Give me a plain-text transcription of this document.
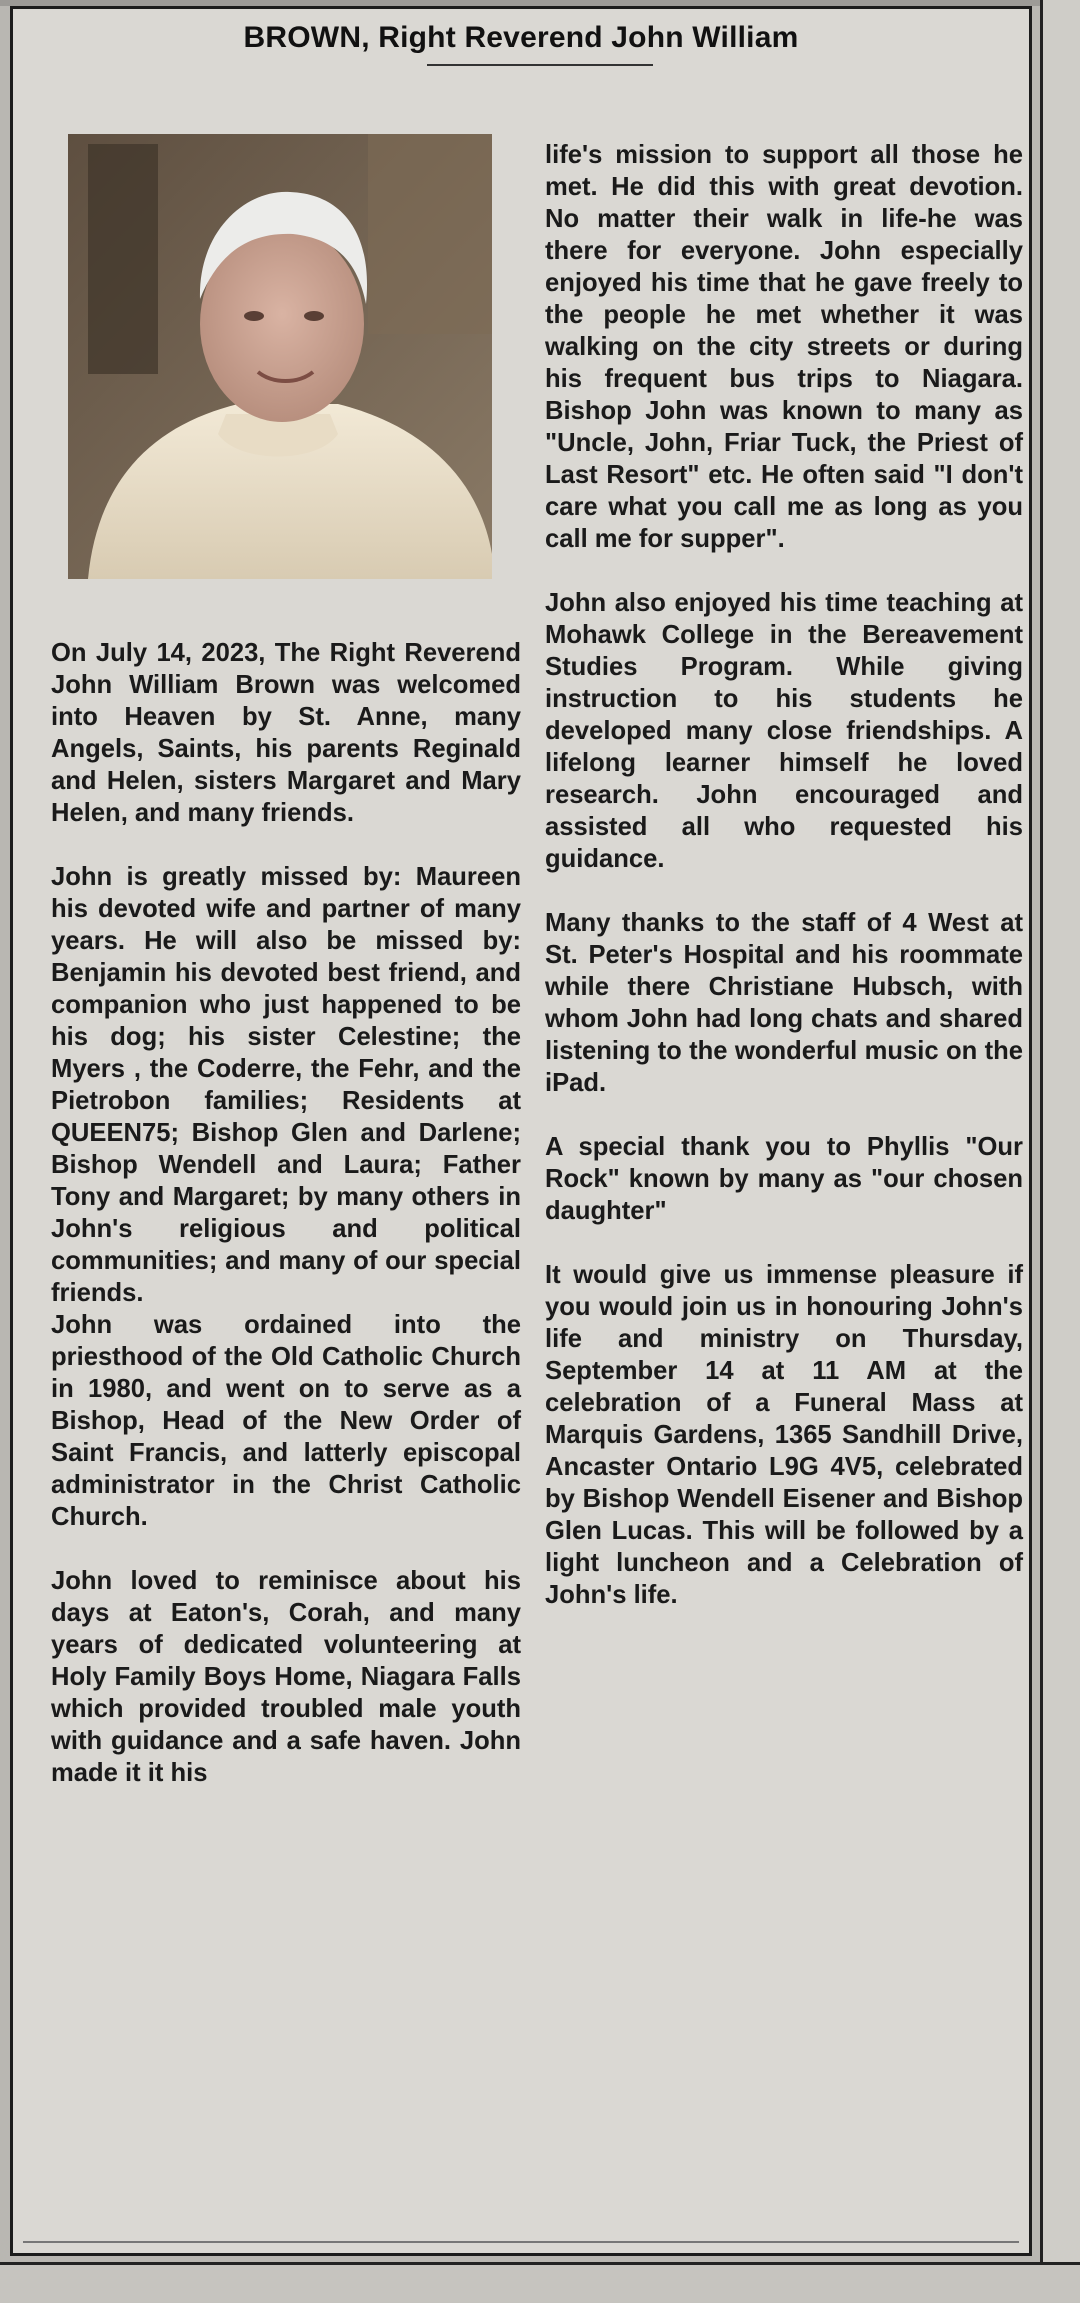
BROWN, Right Reverend John William

On July 14, 2023, The Right Reverend John William Brown was welcomed into Heaven by St. Anne, many Angels, Saints, his parents Reginald and Helen, sisters Margaret and Mary Helen, and many friends.

John is greatly missed by: Maureen his devoted wife and partner of many years. He will also be missed by: Benjamin his devoted best friend, and companion who just happened to be his dog; his sister Celestine; the Myers , the Coderre, the Fehr, and the Pietrobon families; Residents at QUEEN75; Bishop Glen and Darlene; Bishop Wendell and Laura; Father Tony and Margaret; by many others in John's religious and political communities; and many of our special friends.

John was ordained into the priesthood of the Old Catholic Church in 1980, and went on to serve as a Bishop, Head of the New Order of Saint Francis, and latterly episcopal administrator in the Christ Catholic Church.

John loved to reminisce about his days at Eaton's, Corah, and many years of dedicated volunteering at Holy Family Boys Home, Niagara Falls which provided troubled male youth with guidance and a safe haven. John made it it his

life's mission to support all those he met. He did this with great devotion. No matter their walk in life-he was there for everyone. John especially enjoyed his time that he gave freely to the people he met whether it was walking on the city streets or during his frequent bus trips to Niagara. Bishop John was known to many as "Uncle, John, Friar Tuck, the Priest of Last Resort" etc. He often said "I don't care what you call me as long as you call me for supper".

John also enjoyed his time teaching at Mohawk College in the Bereavement Studies Program. While giving instruction to his students he developed many close friendships. A lifelong learner himself he loved research. John encouraged and assisted all who requested his guidance.

Many thanks to the staff of 4 West at St. Peter's Hospital and his roommate while there Christiane Hubsch, with whom John had long chats and shared listening to the wonderful music on the iPad.

A special thank you to Phyllis "Our Rock" known by many as "our chosen daughter"

It would give us immense pleasure if you would join us in honouring John's life and ministry on Thursday, September 14 at 11 AM at the celebration of a Funeral Mass at Marquis Gardens, 1365 Sandhill Drive, Ancaster Ontario L9G 4V5, celebrated by Bishop Wendell Eisener and Bishop Glen Lucas. This will be followed by a light luncheon and a Celebration of John's life.
